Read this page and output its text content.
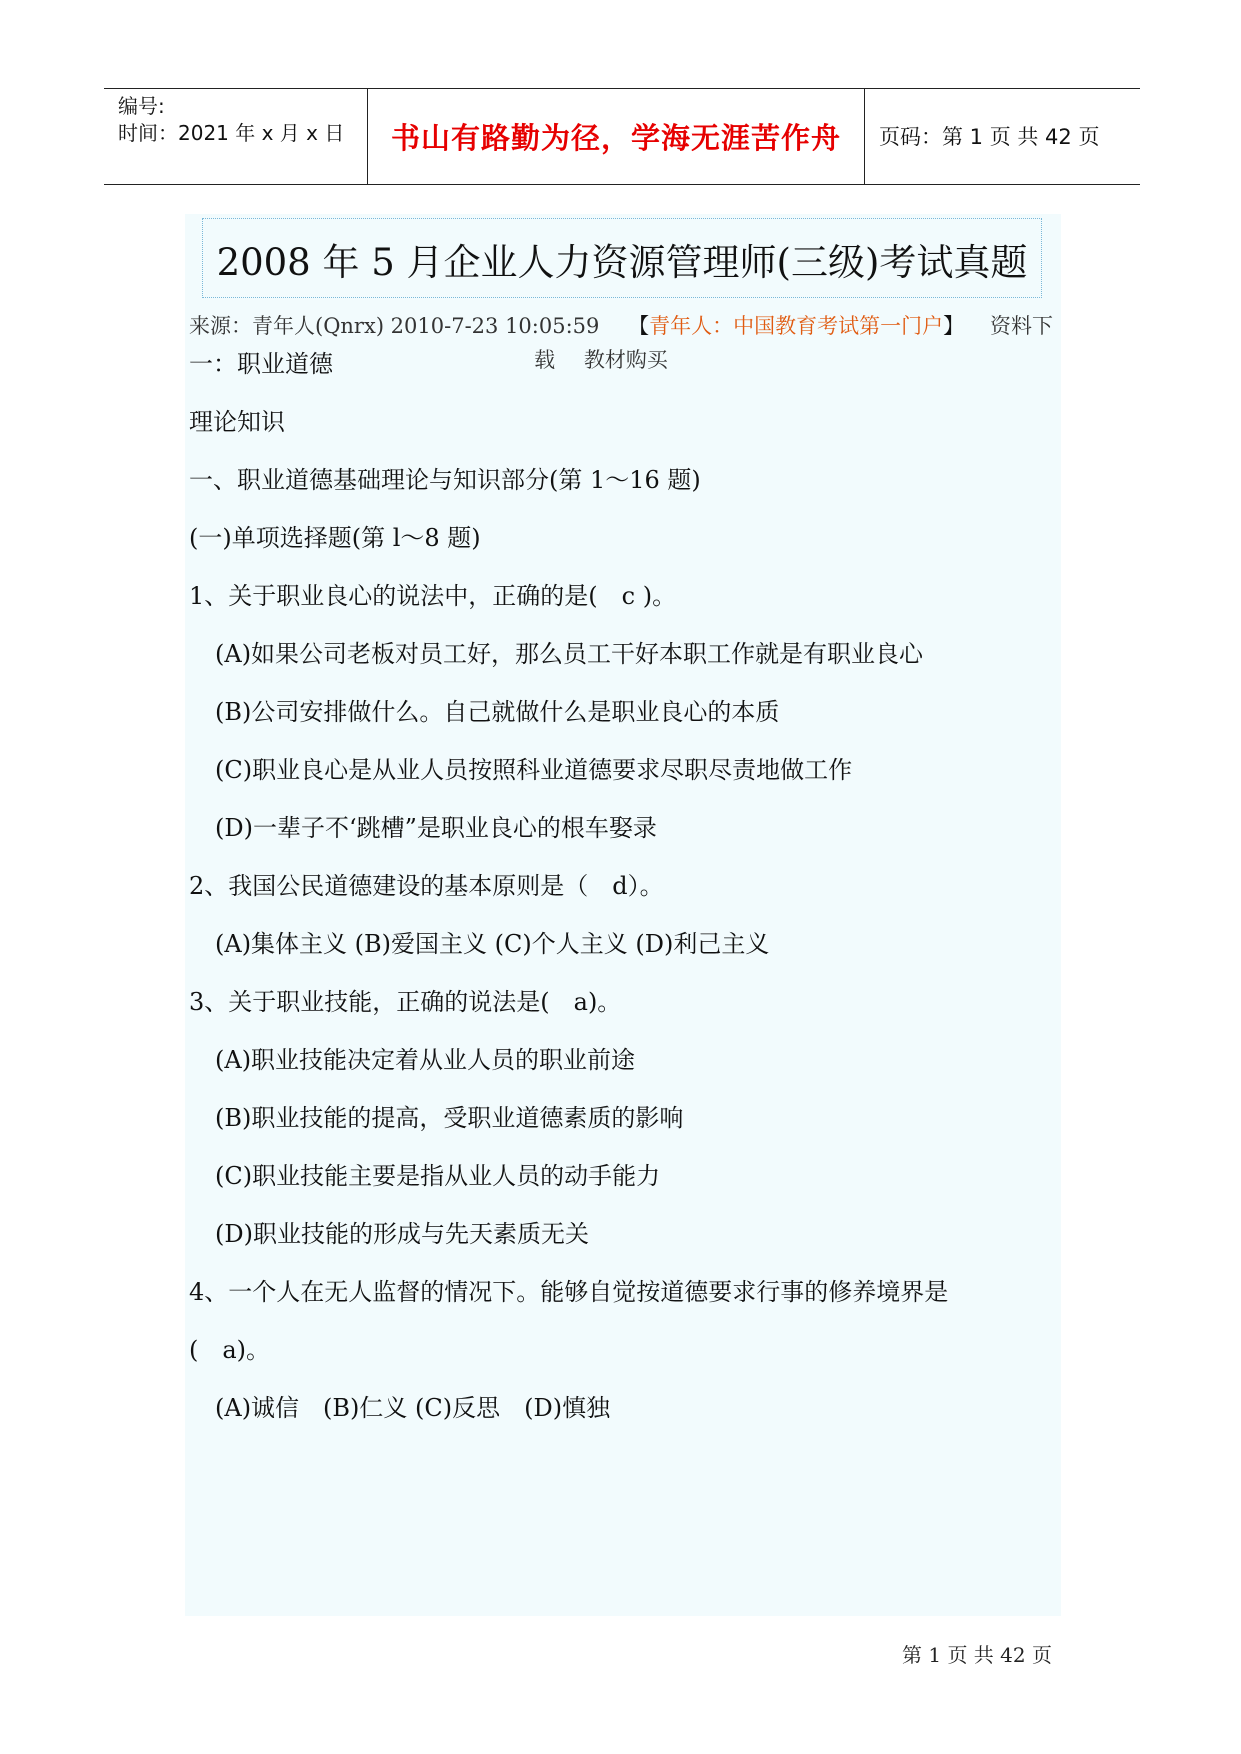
编号:
时间：2021 年 x 月 x 日	书山有路勤为径，学海无涯苦作舟	页码：第 1 页 共 42 页
2008 年 5 月企业人力资源管理师(三级)考试真题
来源：青年人(Qnrx) 2010-7-23 10:05:59 【青年人：中国教育考试第一门户】 资料下
载 教材购买
一：职业道德
理论知识
一、职业道德基础理论与知识部分(第 1～16 题)
(一)单项选择题(第 l～8 题)
1、关于职业良心的说法中，正确的是(　c )。
(A)如果公司老板对员工好，那么员工干好本职工作就是有职业良心
(B)公司安排做什么。自己就做什么是职业良心的本质
(C)职业良心是从业人员按照科业道德要求尽职尽责地做工作
(D)一辈子不‘跳槽”是职业良心的根车娶录
2、我国公民道德建设的基本原则是（　d）。
(A)集体主义 (B)爱国主义 (C)个人主义 (D)利己主义
3、关于职业技能，正确的说法是(　a)。
(A)职业技能决定着从业人员的职业前途
(B)职业技能的提高，受职业道德素质的影响
(C)职业技能主要是指从业人员的动手能力
(D)职业技能的形成与先天素质无关
4、一个人在无人监督的情况下。能够自觉按道德要求行事的修养境界是
(　a)。
(A)诚信　(B)仁义 (C)反思　(D)慎独
第 1 页 共 42 页
